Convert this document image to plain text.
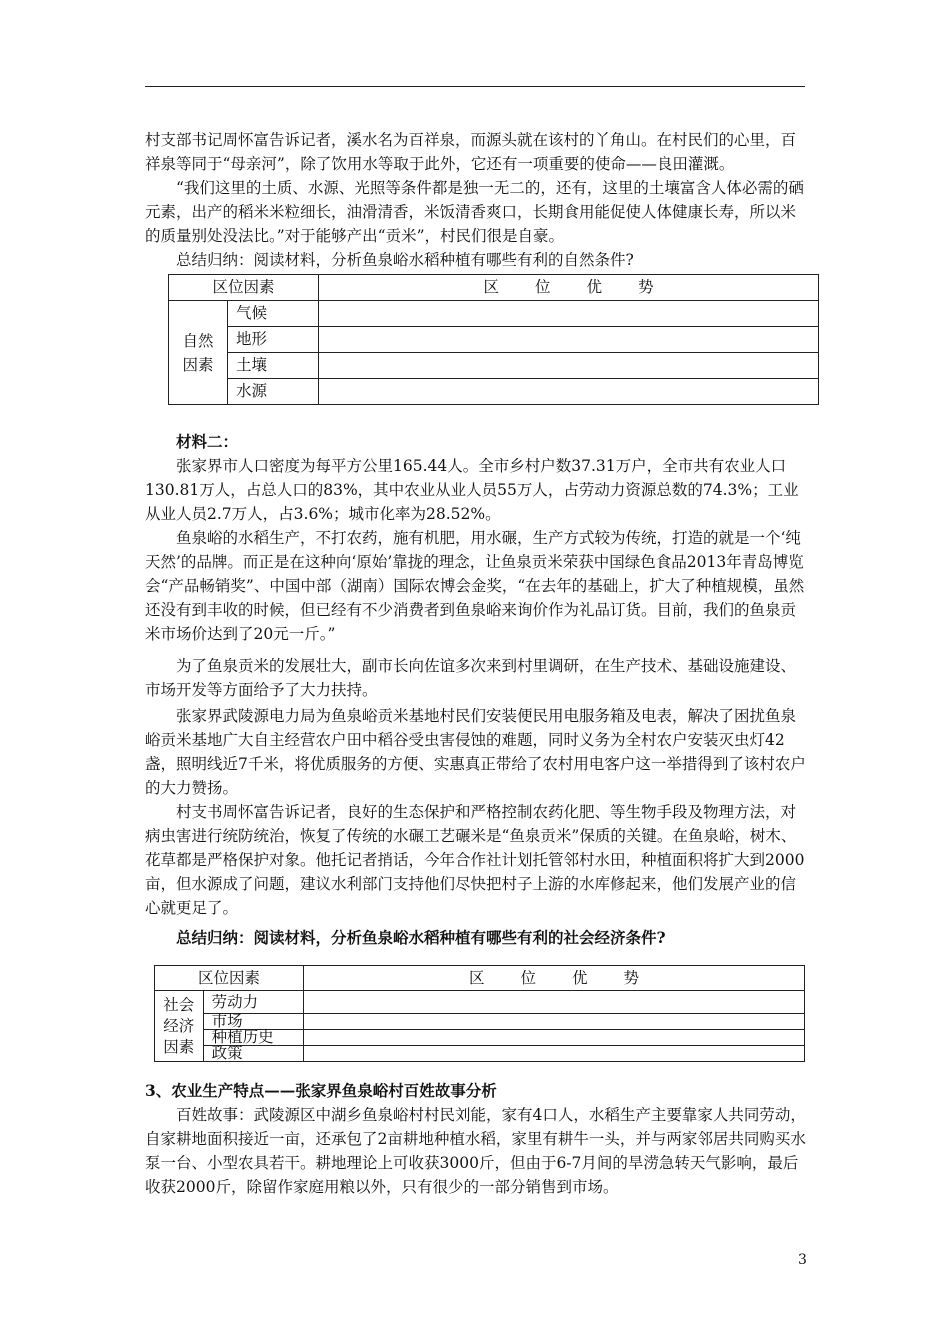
村支部书记周怀富告诉记者，溪水名为百祥泉，而源头就在该村的丫角山。在村民们的心里，百祥泉等同于“母亲河”，除了饮用水等取于此外，它还有一项重要的使命——良田灌溉。

“我们这里的土质、水源、光照等条件都是独一无二的，还有，这里的土壤富含人体必需的硒元素，出产的稻米米粒细长，油滑清香，米饭清香爽口，长期食用能促使人体健康长寿，所以米的质量别处没法比。”对于能够产出“贡米”，村民们很是自豪。

总结归纳：阅读材料，分析鱼泉峪水稻种植有哪些有利的自然条件?

区位因素		区位优势

自然因素	气候	
	地形	
	土壤	
	水源	

材料二：

张家界市人口密度为每平方公里165.44人。全市乡村户数37.31万户，全市共有农业人口130.81万人，占总人口的83%，其中农业从业人员55万人，占劳动力资源总数的74.3%；工业从业人员2.7万人，占3.6%；城市化率为28.52%。

鱼泉峪的水稻生产，不打农药，施有机肥，用水碾，生产方式较为传统，打造的就是一个‘纯天然’的品牌。而正是在这种向‘原始’靠拢的理念，让鱼泉贡米荣获中国绿色食品2013年青岛博览会“产品畅销奖”、中国中部（湖南）国际农博会金奖，“在去年的基础上，扩大了种植规模，虽然还没有到丰收的时候，但已经有不少消费者到鱼泉峪来询价作为礼品订货。目前，我们的鱼泉贡米市场价达到了20元一斤。”

为了鱼泉贡米的发展壮大，副市长向佐谊多次来到村里调研，在生产技术、基础设施建设、市场开发等方面给予了大力扶持。

张家界武陵源电力局为鱼泉峪贡米基地村民们安装便民用电服务箱及电表，解决了困扰鱼泉峪贡米基地广大自主经营农户田中稻谷受虫害侵蚀的难题，同时义务为全村农户安装灭虫灯42盏，照明线近7千米，将优质服务的方便、实惠真正带给了农村用电客户这一举措得到了该村农户的大力赞扬。

村支书周怀富告诉记者，良好的生态保护和严格控制农药化肥、等生物手段及物理方法，对病虫害进行统防统治，恢复了传统的水碾工艺碾米是“鱼泉贡米”保质的关键。在鱼泉峪，树木、花草都是严格保护对象。他托记者捎话，今年合作社计划托管邻村水田，种植面积将扩大到2000亩，但水源成了问题，建议水利部门支持他们尽快把村子上游的水库修起来，他们发展产业的信心就更足了。

总结归纳：阅读材料，分析鱼泉峪水稻种植有哪些有利的社会经济条件?

区位因素		区位优势

社会经济因素	劳动力	
	市场	
	种植历史	
	政策	

3、农业生产特点——张家界鱼泉峪村百姓故事分析

百姓故事：武陵源区中湖乡鱼泉峪村村民刘能，家有4口人，水稻生产主要靠家人共同劳动，自家耕地面积接近一亩，还承包了2亩耕地种植水稻，家里有耕牛一头，并与两家邻居共同购买水泵一台、小型农具若干。耕地理论上可收获3000斤，但由于6-7月间的旱涝急转天气影响，最后收获2000斤，除留作家庭用粮以外，只有很少的一部分销售到市场。

3
